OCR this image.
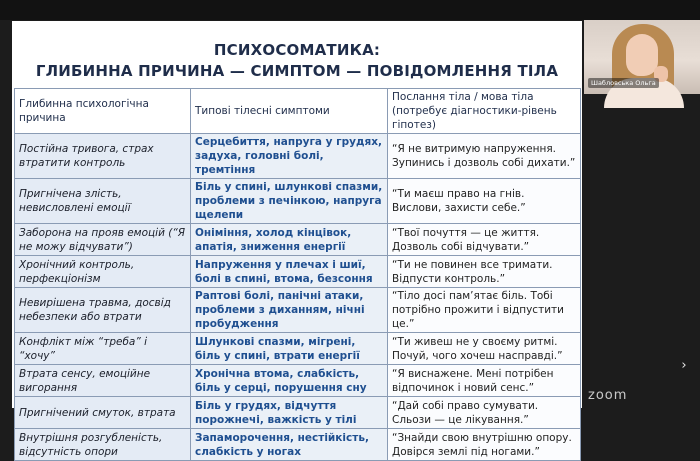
ПСИХОСОМАТИКА:
ГЛИБИННА ПРИЧИНА — СИМПТОМ — ПОВІДОМЛЕННЯ ТІЛА
Глибинна психологічна причина	Типові тілесні симптоми	Послання тіла / мова тіла (потребує діагностики-рівень гіпотез)
Постійна тривога, страх втратити контроль	Серцебиття, напруга у грудях, задуха, головні болі, тремтіння	“Я не витримую напруження. Зупинись і дозволь собі дихати.”
Пригнічена злість, невисловлені емоції	Біль у спині, шлункові спазми, проблеми з печінкою, напруга щелепи	“Ти маєш право на гнів. Вислови, захисти себе.”
Заборона на прояв емоцій (“Я не можу відчувати”)	Оніміння, холод кінцівок, апатія, зниження енергії	“Твої почуття — це життя. Дозволь собі відчувати.”
Хронічний контроль, перфекціонізм	Напруження у плечах і шиї, болі в спині, втома, безсоння	“Ти не повинен все тримати. Відпусти контроль.”
Невирішена травма, досвід небезпеки або втрати	Раптові болі, панічні атаки, проблеми з диханням, нічні пробудження	“Тіло досі пам’ятає біль. Тобі потрібно прожити і відпустити це.”
Конфлікт між “треба” і “хочу”	Шлункові спазми, мігрені, біль у спині, втрати енергії	“Ти живеш не у своєму ритмі. Почуй, чого хочеш насправді.”
Втрата сенсу, емоційне вигорання	Хронічна втома, слабкість, біль у серці, порушення сну	“Я виснажене. Мені потрібен відпочинок і новий сенс.”
Пригнічений смуток, втрата	Біль у грудях, відчуття порожнечі, важкість у тілі	“Дай собі право сумувати. Сльози — це лікування.”
Внутрішня розгубленість, відсутність опори	Запаморочення, нестійкість, слабкість у ногах	“Знайди свою внутрішню опору. Довірся землі під ногами.”
Шабловська Ольга
›
zoom
